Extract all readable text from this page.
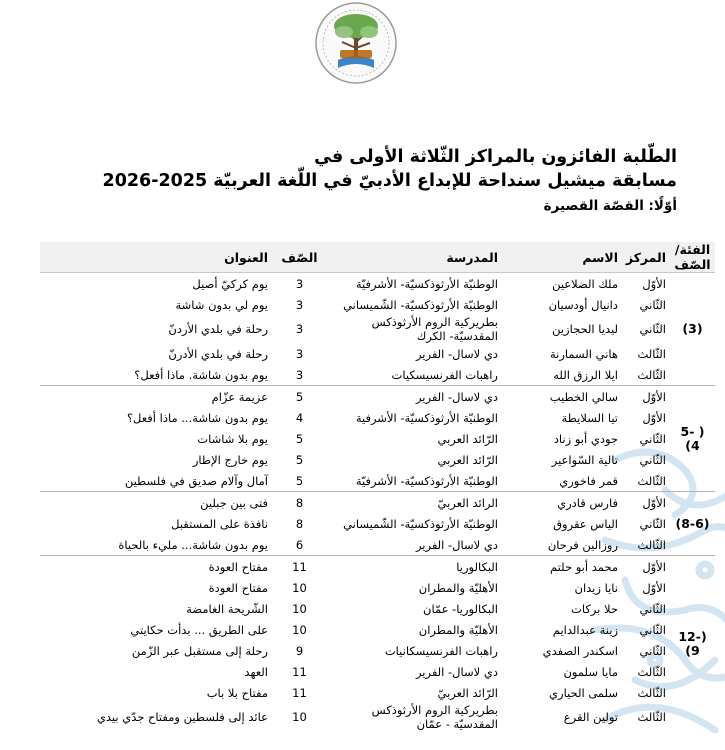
الطّلبة الفائزون بالمراكز الثّلاثة الأولى في
مسابقة ميشيل سنداحة للإبداع الأدبيّ في اللّغة العربيّة 2025-2026
أوّلًا: القصّة القصيرة
الفئة/الصّف	المركز	الاسم	المدرسة	الصّف	العنوان
(3)	الأوّل	ملك الضلاعين	الوطنيّة الأرثوذكسيّة- الأشرفيّة	3	يوم كركيّ أصيل
	الثّاني	دانيال أودسيان	الوطنيّة الأرثوذكسيّة- الشّميساني	3	يوم لي بدون شاشة
	الثّاني	ليديا الحجازين	بطريركية الروم الأرثوذكس المقدسيّة- الكرك	3	رحلة في بلدي الأردنّ
	الثّالث	هاني السمارنة	دي لاسال- الفرير	3	رحلة في بلدي الأدرنّ
	الثّالث	ايلا الرزق الله	راهبات الفرنسيسكيات	3	يوم بدون شاشة. ماذا أفعل؟
( 5-4)	الأوّل	سالي الخطيب	دي لاسال- الفرير	5	عزيمة عزّام
	الأوّل	تيا السلايطة	الوطنيّة الأرثوذكسيّة- الأشرفية	4	يوم بدون شاشة... ماذا أفعل؟
	الثّاني	جودي أبو زناد	الرّائد العربي	5	يوم بلا شاشات
	الثّاني	تالية السّواعير	الرّائد العربي	5	يوم خارج الإطار
	الثّالث	قمر فاخوري	الوطنيّة الأرثوذكسيّة- الأشرفيّة	5	آمال وآلام صديق في فلسطين
(8-6)	الأوّل	فارس قادري	الرائد العربيّ	8	فتى بين جبلين
	الثّاني	الياس عقروق	الوطنيّة الأرثوذكسيّة- الشّميساني	8	نافذة على المستقبل
	الثّالث	روزالين فرحان	دي لاسال- الفرير	6	يوم بدون شاشة... مليء بالحياة
(12-9)	الأوّل	محمد أبو حلتم	البكالوريا	11	مفتاح العودة
	الأوّل	نايا زيدان	الأهليّة والمطران	10	مفتاح العودة
	الثّاني	حلا بركات	البكالوريا- عمّان	10	الشّريحة الغامضة
	الثّاني	زينة عبدالدايم	الأهليّة والمطران	10	على الطريق ... بدأت حكايتي
	الثّاني	اسكندر الصفدي	راهبات الفرنسيسكانيات	9	رحلة إلى مستقبل عبر الزّمن
	الثّالث	مايا سلمون	دي لاسال- الفرير	11	العهد
	الثّالث	سلمى الحياري	الرّائد العربيّ	11	مفتاح بلا باب
	الثّالث	تولين القرع	بطريركية الروم الأرثوذكس المقدسيّة - عمّان	10	عائد إلى فلسطين ومفتاح جدّي بيدي
